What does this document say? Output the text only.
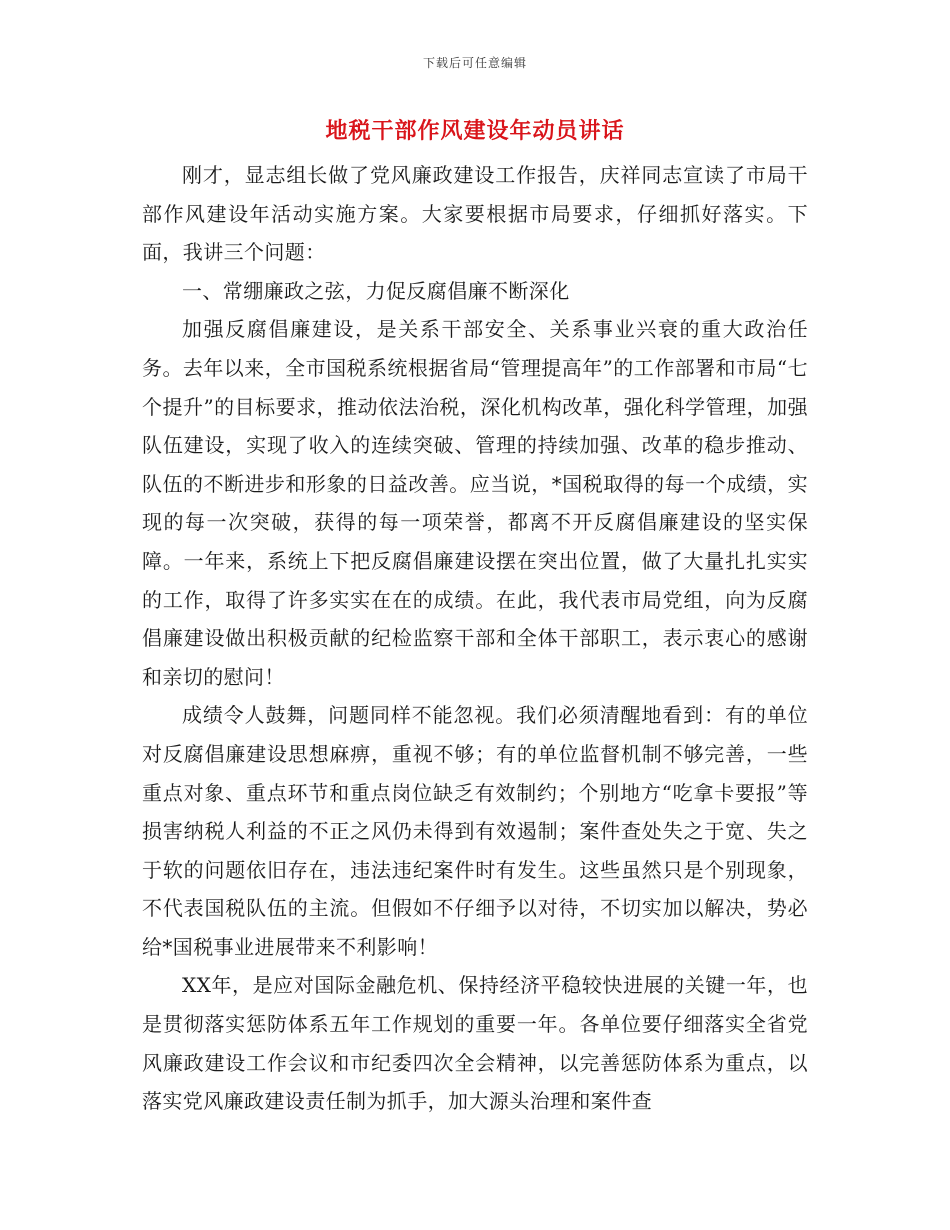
下载后可任意编辑
地税干部作风建设年动员讲话

刚才，显志组长做了党风廉政建设工作报告，庆祥同志宣读了市局干部作风建设年活动实施方案。大家要根据市局要求，仔细抓好落实。下面，我讲三个问题：

一、常绷廉政之弦，力促反腐倡廉不断深化

加强反腐倡廉建设，是关系干部安全、关系事业兴衰的重大政治任务。去年以来，全市国税系统根据省局“管理提高年”的工作部署和市局“七个提升”的目标要求，推动依法治税，深化机构改革，强化科学管理，加强队伍建设，实现了收入的连续突破、管理的持续加强、改革的稳步推动、队伍的不断进步和形象的日益改善。应当说，*国税取得的每一个成绩，实现的每一次突破，获得的每一项荣誉，都离不开反腐倡廉建设的坚实保障。一年来，系统上下把反腐倡廉建设摆在突出位置，做了大量扎扎实实的工作，取得了许多实实在在的成绩。在此，我代表市局党组，向为反腐倡廉建设做出积极贡献的纪检监察干部和全体干部职工，表示衷心的感谢和亲切的慰问！

成绩令人鼓舞，问题同样不能忽视。我们必须清醒地看到：有的单位对反腐倡廉建设思想麻痹，重视不够；有的单位监督机制不够完善，一些重点对象、重点环节和重点岗位缺乏有效制约；个别地方“吃拿卡要报”等损害纳税人利益的不正之风仍未得到有效遏制；案件查处失之于宽、失之于软的问题依旧存在，违法违纪案件时有发生。这些虽然只是个别现象，不代表国税队伍的主流。但假如不仔细予以对待，不切实加以解决，势必给*国税事业进展带来不利影响！

XX年，是应对国际金融危机、保持经济平稳较快进展的关键一年，也是贯彻落实惩防体系五年工作规划的重要一年。各单位要仔细落实全省党风廉政建设工作会议和市纪委四次全会精神，以完善惩防体系为重点，以落实党风廉政建设责任制为抓手，加大源头治理和案件查
